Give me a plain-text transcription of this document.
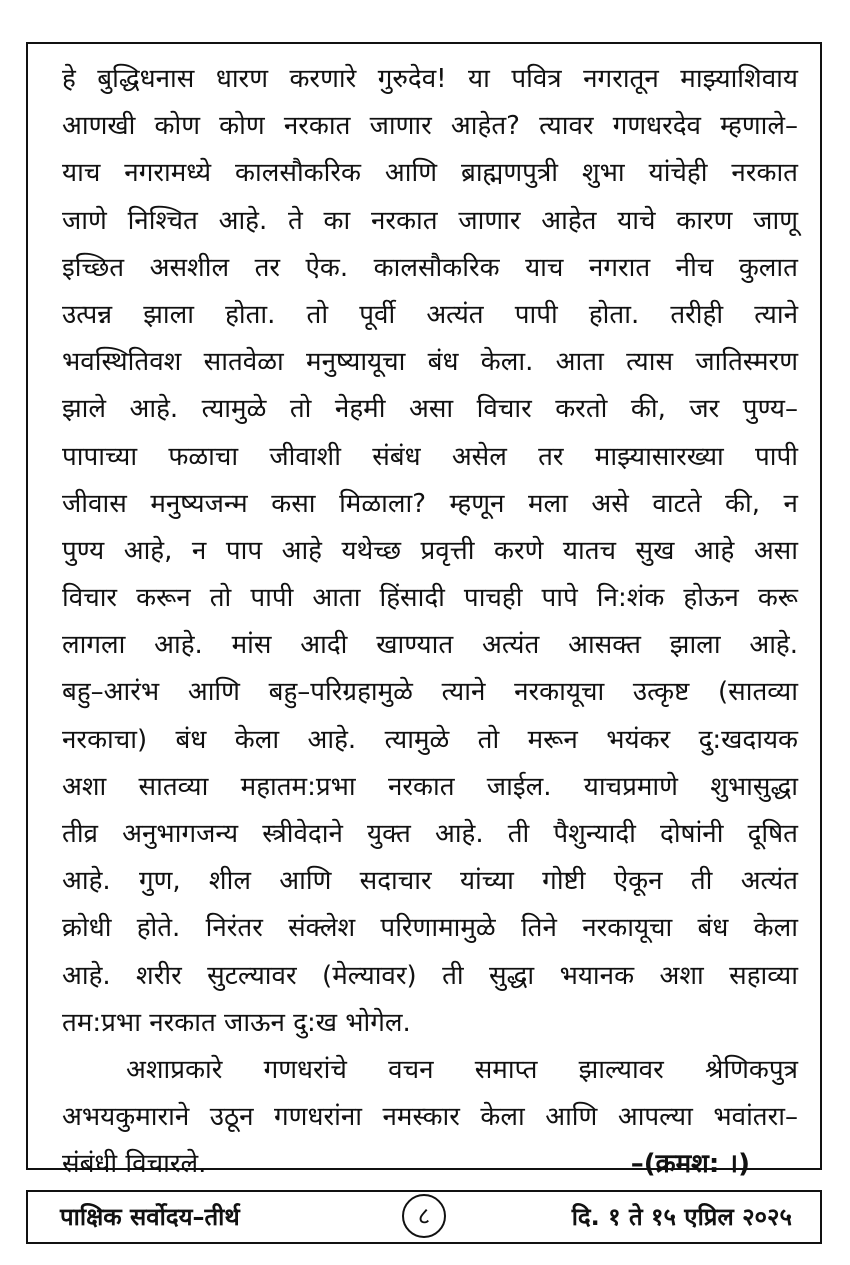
हे बुद्धिधनास धारण करणारे गुरुदेव! या पवित्र नगरातून माझ्याशिवाय
आणखी कोण कोण नरकात जाणार आहेत? त्यावर गणधरदेव म्हणाले–
याच नगरामध्ये कालसौकरिक आणि ब्राह्मणपुत्री शुभा यांचेही नरकात
जाणे निश्चित आहे. ते का नरकात जाणार आहेत याचे कारण जाणू
इच्छित असशील तर ऐक. कालसौकरिक याच नगरात नीच कुलात
उत्पन्न झाला होता. तो पूर्वी अत्यंत पापी होता. तरीही त्याने
भवस्थितिवश सातवेळा मनुष्यायूचा बंध केला. आता त्यास जातिस्मरण
झाले आहे. त्यामुळे तो नेहमी असा विचार करतो की, जर पुण्य–
पापाच्या फळाचा जीवाशी संबंध असेल तर माझ्यासारख्या पापी
जीवास मनुष्यजन्म कसा मिळाला? म्हणून मला असे वाटते की, न
पुण्य आहे, न पाप आहे यथेच्छ प्रवृत्ती करणे यातच सुख आहे असा
विचार करून तो पापी आता हिंसादी पाचही पापे नि:शंक होऊन करू
लागला आहे. मांस आदी खाण्यात अत्यंत आसक्त झाला आहे.
बहु–आरंभ आणि बहु–परिग्रहामुळे त्याने नरकायूचा उत्कृष्ट (सातव्या
नरकाचा) बंध केला आहे. त्यामुळे तो मरून भयंकर दु:खदायक
अशा सातव्या महातम:प्रभा नरकात जाईल. याचप्रमाणे शुभासुद्धा
तीव्र अनुभागजन्य स्त्रीवेदाने युक्त आहे. ती पैशुन्यादी दोषांनी दूषित
आहे. गुण, शील आणि सदाचार यांच्या गोष्टी ऐकून ती अत्यंत
क्रोधी होते. निरंतर संक्लेश परिणामामुळे तिने नरकायूचा बंध केला
आहे. शरीर सुटल्यावर (मेल्यावर) ती सुद्धा भयानक अशा सहाव्या
तम:प्रभा नरकात जाऊन दु:ख भोगेल.
अशाप्रकारे गणधरांचे वचन समाप्त झाल्यावर श्रेणिकपुत्र
अभयकुमाराने उठून गणधरांना नमस्कार केला आणि आपल्या भवांतरा–
संबंधी विचारले.	–(क्रमश: ।)
पाक्षिक सर्वोदय–तीर्थ	८	दि. १ ते १५ एप्रिल २०२५
